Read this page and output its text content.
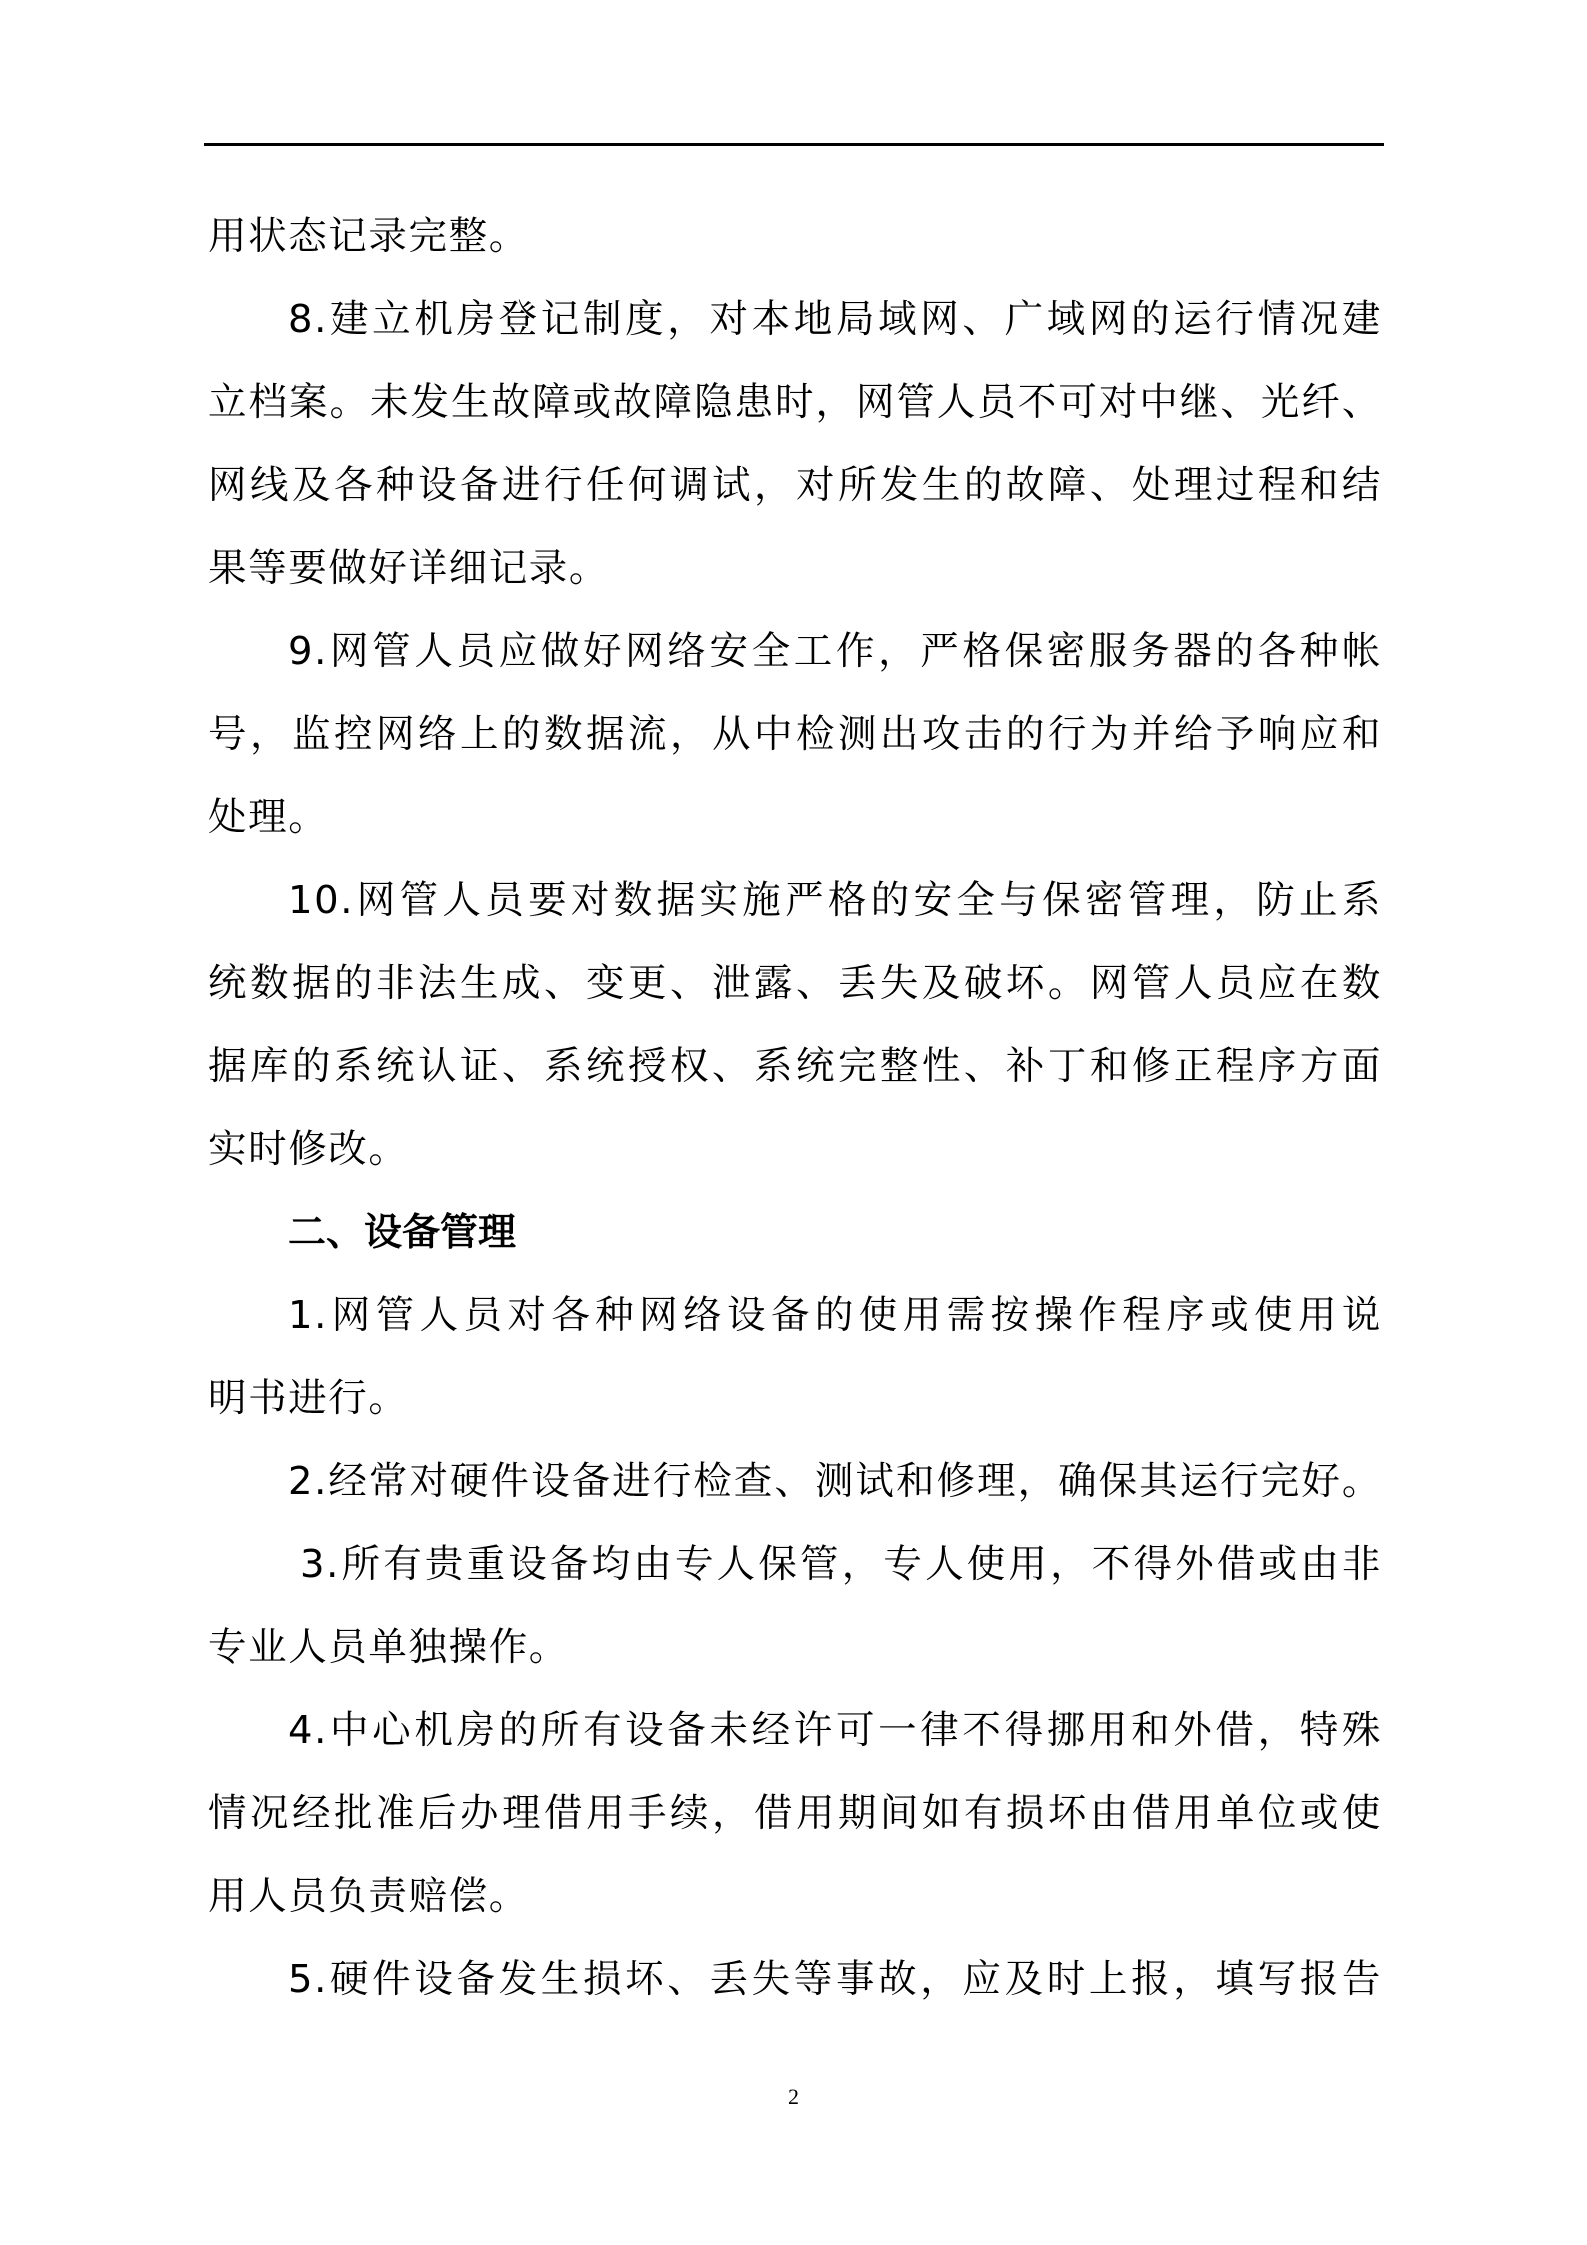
用状态记录完整。
8.建立机房登记制度，对本地局域网、广域网的运行情况建
立档案。未发生故障或故障隐患时，网管人员不可对中继、光纤、
网线及各种设备进行任何调试，对所发生的故障、处理过程和结
果等要做好详细记录。
9.网管人员应做好网络安全工作，严格保密服务器的各种帐
号，监控网络上的数据流，从中检测出攻击的行为并给予响应和
处理。
10.网管人员要对数据实施严格的安全与保密管理，防止系
统数据的非法生成、变更、泄露、丢失及破坏。网管人员应在数
据库的系统认证、系统授权、系统完整性、补丁和修正程序方面
实时修改。
二、设备管理
1.网管人员对各种网络设备的使用需按操作程序或使用说
明书进行。
2.经常对硬件设备进行检查、测试和修理，确保其运行完好。
3.所有贵重设备均由专人保管，专人使用，不得外借或由非
专业人员单独操作。
4.中心机房的所有设备未经许可一律不得挪用和外借，特殊
情况经批准后办理借用手续，借用期间如有损坏由借用单位或使
用人员负责赔偿。
5.硬件设备发生损坏、丢失等事故，应及时上报，填写报告
2
